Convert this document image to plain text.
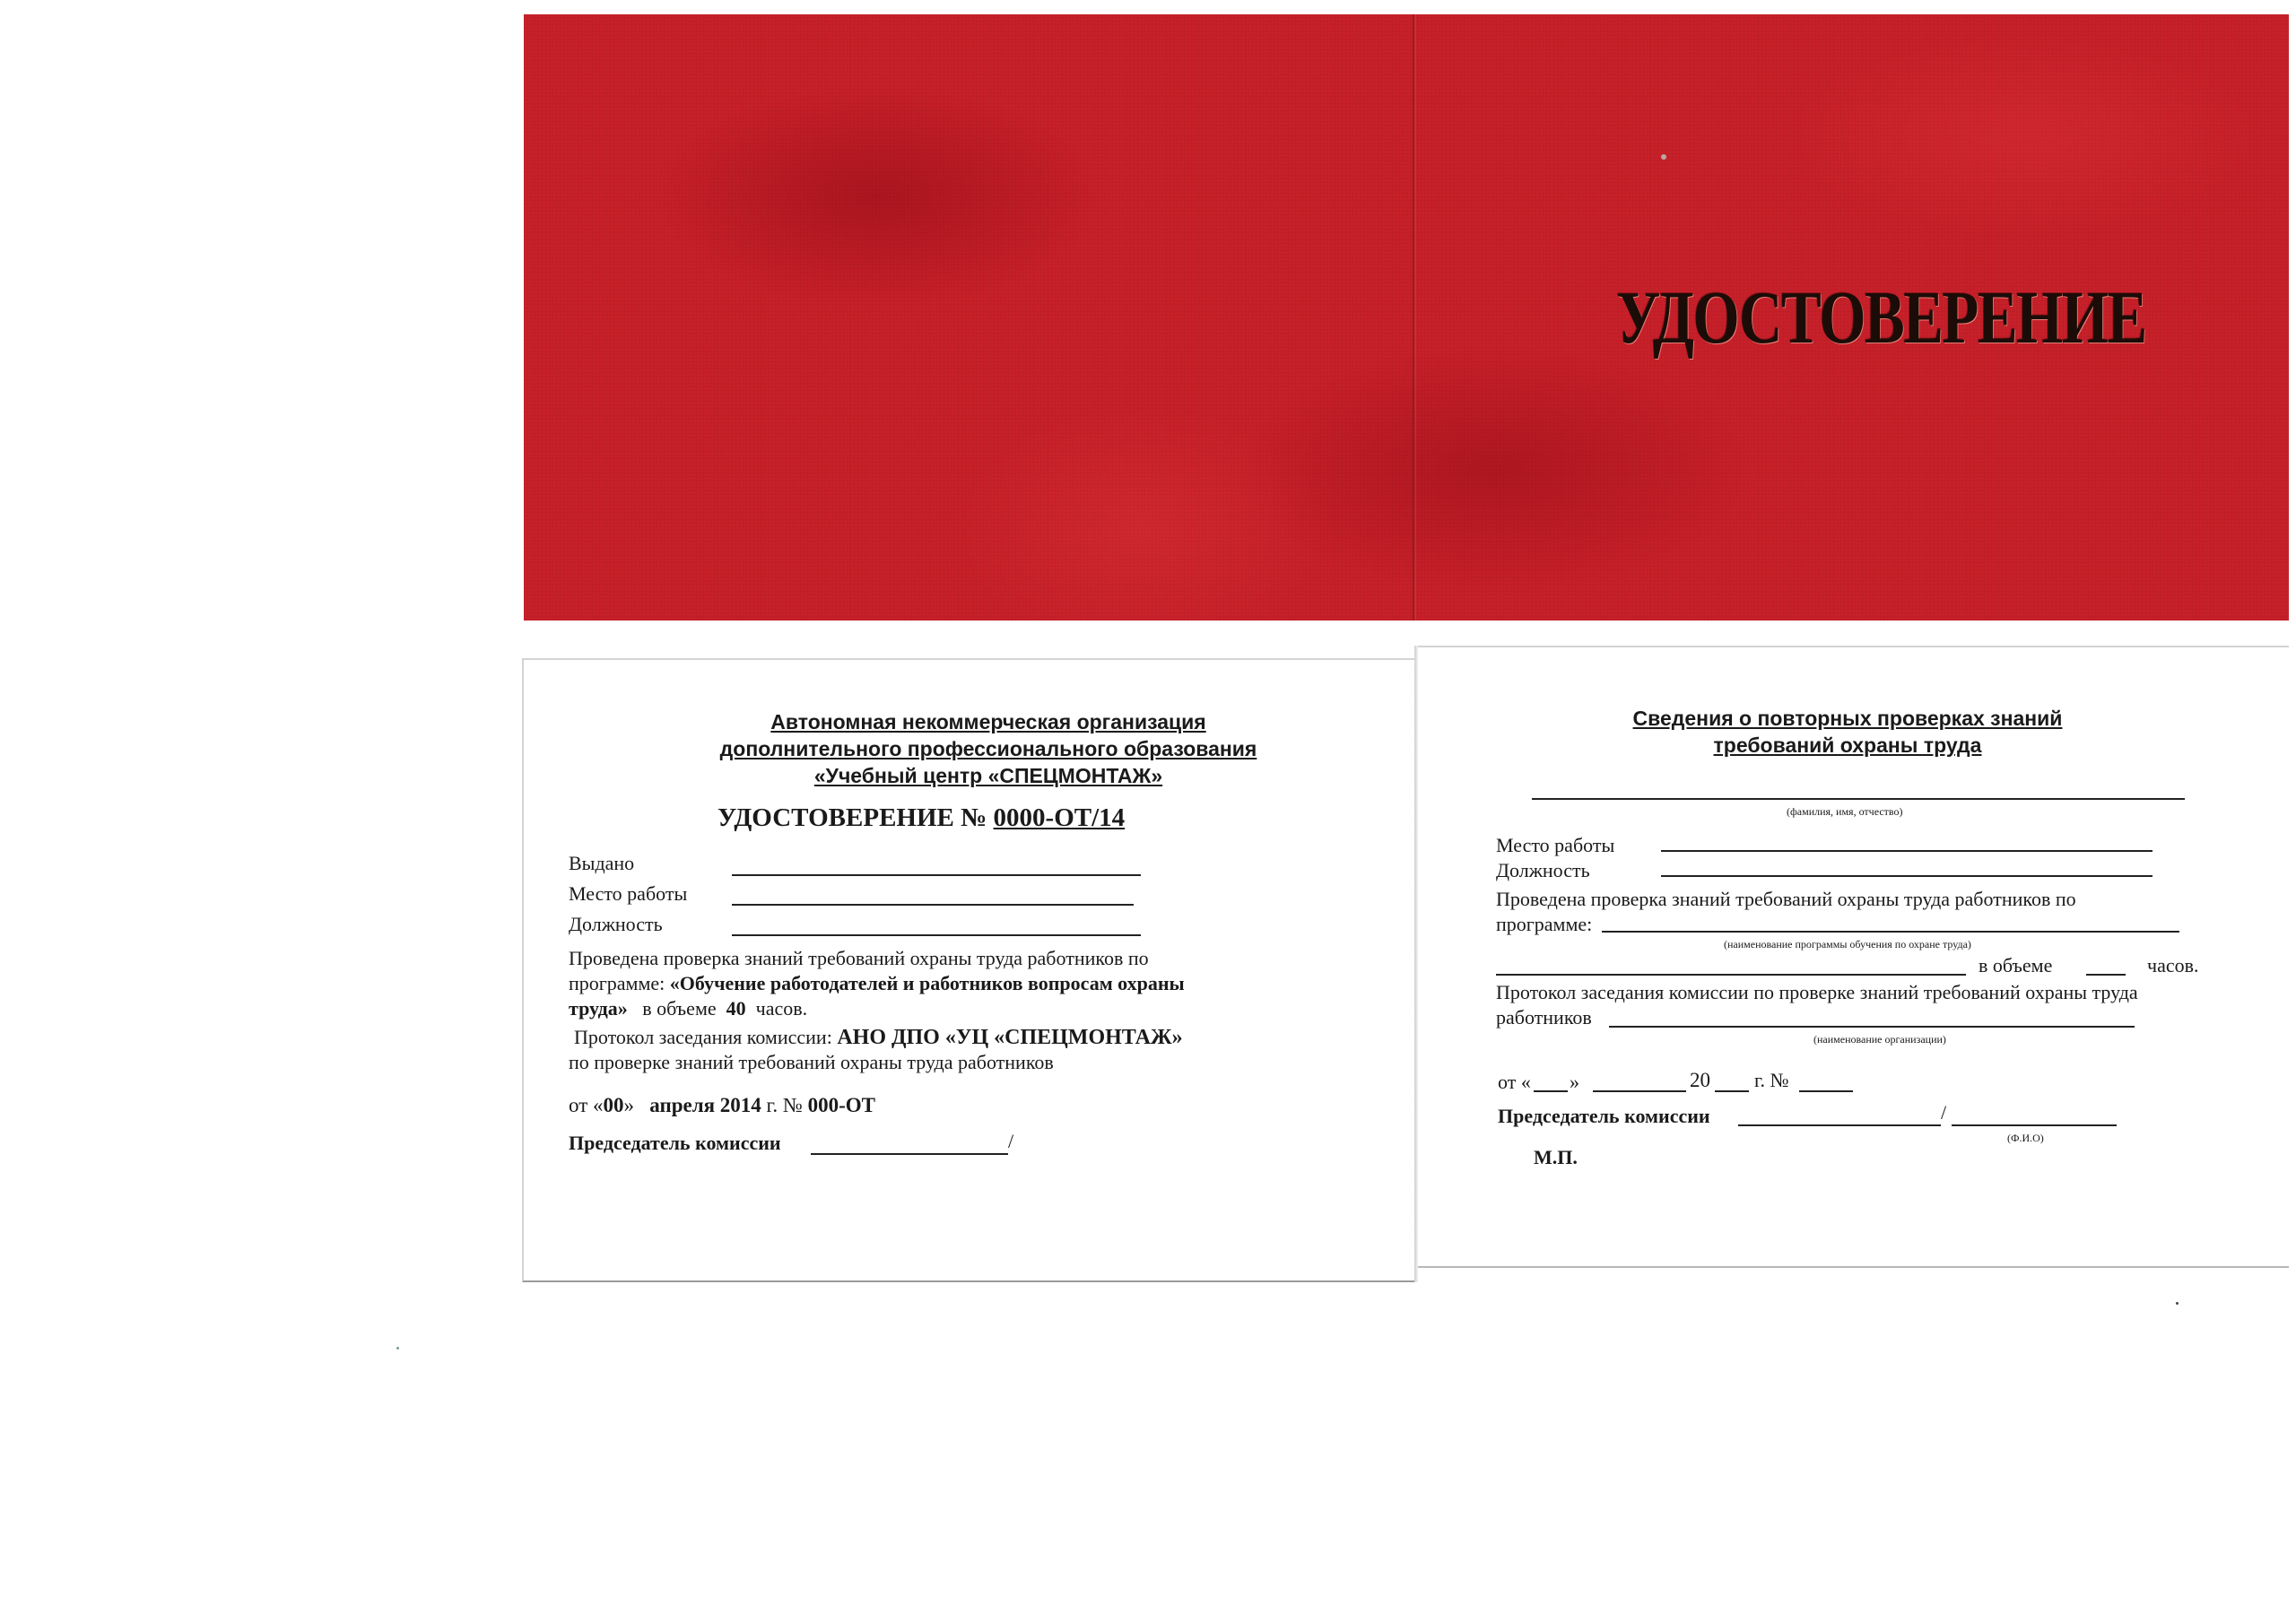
УДОСТОВЕРЕНИЕ
Автономная некоммерческая организация
дополнительного профессионального образования
«Учебный центр «СПЕЦМОНТАЖ»
УДОСТОВЕРЕНИЕ № 0000-ОТ/14
Выдано
Место работы
Должность
Проведена проверка знаний требований охраны труда работников по
программе: «Обучение работодателей и работников вопросам охраны
труда» в объеме 40 часов.
Протокол заседания комиссии: АНО ДПО «УЦ «СПЕЦМОНТАЖ»
по проверке знаний требований охраны труда работников
от «00» апреля 2014 г. № 000-ОТ
Председатель комиссии	/
Сведения о повторных проверках знаний
требований охраны труда
(фамилия, имя, отчество)
Место работы
Должность
Проведена проверка знаний требований охраны труда работников по
программе:
(наименование программы обучения по охране труда)
в объеме	часов.
Протокол заседания комиссии по проверке знаний требований охраны труда
работников
(наименование организации)
от « »	20 г. №
Председатель комиссии	/
(Ф.И.О)
М.П.
